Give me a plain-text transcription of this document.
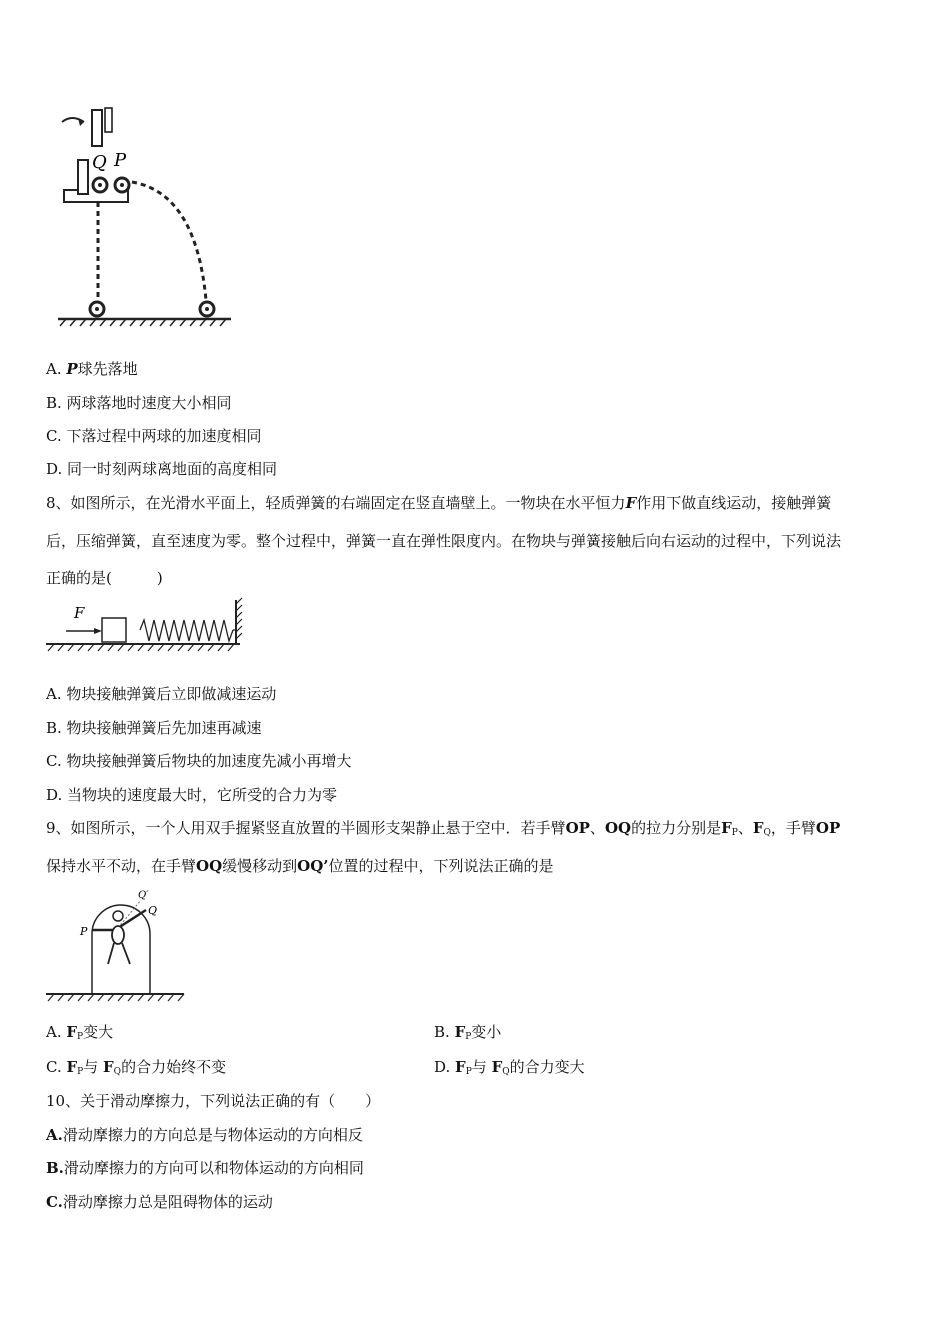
Q P
A. P球先落地
B. 两球落地时速度大小相同
C. 下落过程中两球的加速度相同
D. 同一时刻两球离地面的高度相同
8、如图所示，在光滑水平面上，轻质弹簧的右端固定在竖直墙壁上。一物块在水平恒力F作用下做直线运动，接触弹簧
后，压缩弹簧，直至速度为零。整个过程中，弹簧一直在弹性限度内。在物块与弹簧接触后向右运动的过程中，下列说法
正确的是(　　　)
F
A. 物块接触弹簧后立即做减速运动
B. 物块接触弹簧后先加速再减速
C. 物块接触弹簧后物块的加速度先减小再增大
D. 当物块的速度最大时，它所受的合力为零
9、如图所示，一个人用双手握紧竖直放置的半圆形支架静止悬于空中．若手臂OP、OQ的拉力分别是$F_P$、$F_Q$，手臂OP
保持水平不动，在手臂OQ缓慢移动到OQ’位置的过程中，下列说法正确的是
Q′
Q
P
A. $F_P$变大	B. $F_P$变小
C. $F_P$与 $F_Q$的合力始终不变	D. $F_P$与 $F_Q$的合力变大
10、关于滑动摩擦力，下列说法正确的有（　　）
A.滑动摩擦力的方向总是与物体运动的方向相反
B.滑动摩擦力的方向可以和物体运动的方向相同
C.滑动摩擦力总是阻碍物体的运动
